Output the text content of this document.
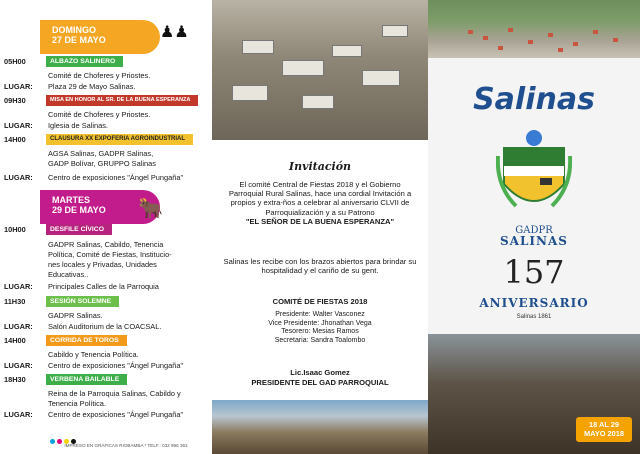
DOMINGO
27 DE MAYO	♟♟
MARTES
29 DE MAYO	🐂
05H00	ALBAZO SALINERO
Comité de Choferes y Priostes.
LUGAR:	Plaza 29 de Mayo Salinas.
09H30	MISA EN HONOR AL SR. DE LA BUENA ESPERANZA
Comité de Choferes y Priostes.
LUGAR:	Iglesia de Salinas.
14H00	CLAUSURA XX EXPOFERIA AGROINDUSTRIAL
AGSA Salinas, GADPR Salinas,
GADP Bolívar, GRUPPO Salinas
LUGAR:	Centro de exposiciones "Ángel Pungaña"
10H00	DESFILE CÍVICO
GADPR Salinas, Cabildo, Tenencia
Política, Comité de Fiestas, Institucio-
nes locales y Privadas, Unidades
Educativas..
LUGAR:	Principales Calles de la Parroquia
11H30	SESIÓN SOLEMNE
GADPR Salinas.
LUGAR:	Salón Auditorium de la COACSAL.
14H00	CORRIDA DE TOROS
Cabildo y Tenencia Política.
LUGAR:	Centro de exposiciones "Ángel Pungaña"
18H30	VERBENA BAILABLE
Reina de la Parroquia Salinas, Cabildo y
Tenencia Política.
LUGAR:	Centro de exposiciones "Ángel Pungaña"
IMPRESO EN GRÁFICAS RIOBAMBA * TELF.: 032 996 363
Invitación
El comité Central de Fiestas 2018 y el Gobierno Parroquial Rural Salinas, hace una cordial Invitación a propios y extra-ños a celebrar al aniversario CLVII de Parroquialización y a su Patrono
"EL SEÑOR DE LA BUENA ESPERANZA"
Salinas les recibe con los brazos abiertos para brindar su hospitalidad y el cariño de su gent.
COMITÉ DE FIESTAS 2018
Presidente: Walter Vasconez
Vice Presidente: Jhonathan Vega
Tesorero: Mesias Ramos
Secretaria: Sandra Toalombo
Lic.Isaac Gomez
PRESIDENTE DEL GAD PARROQUIAL
Salinas
GADPR
SALINAS
157
ANIVERSARIO
Salinas 1861
18 AL 29 MAYO 2018
